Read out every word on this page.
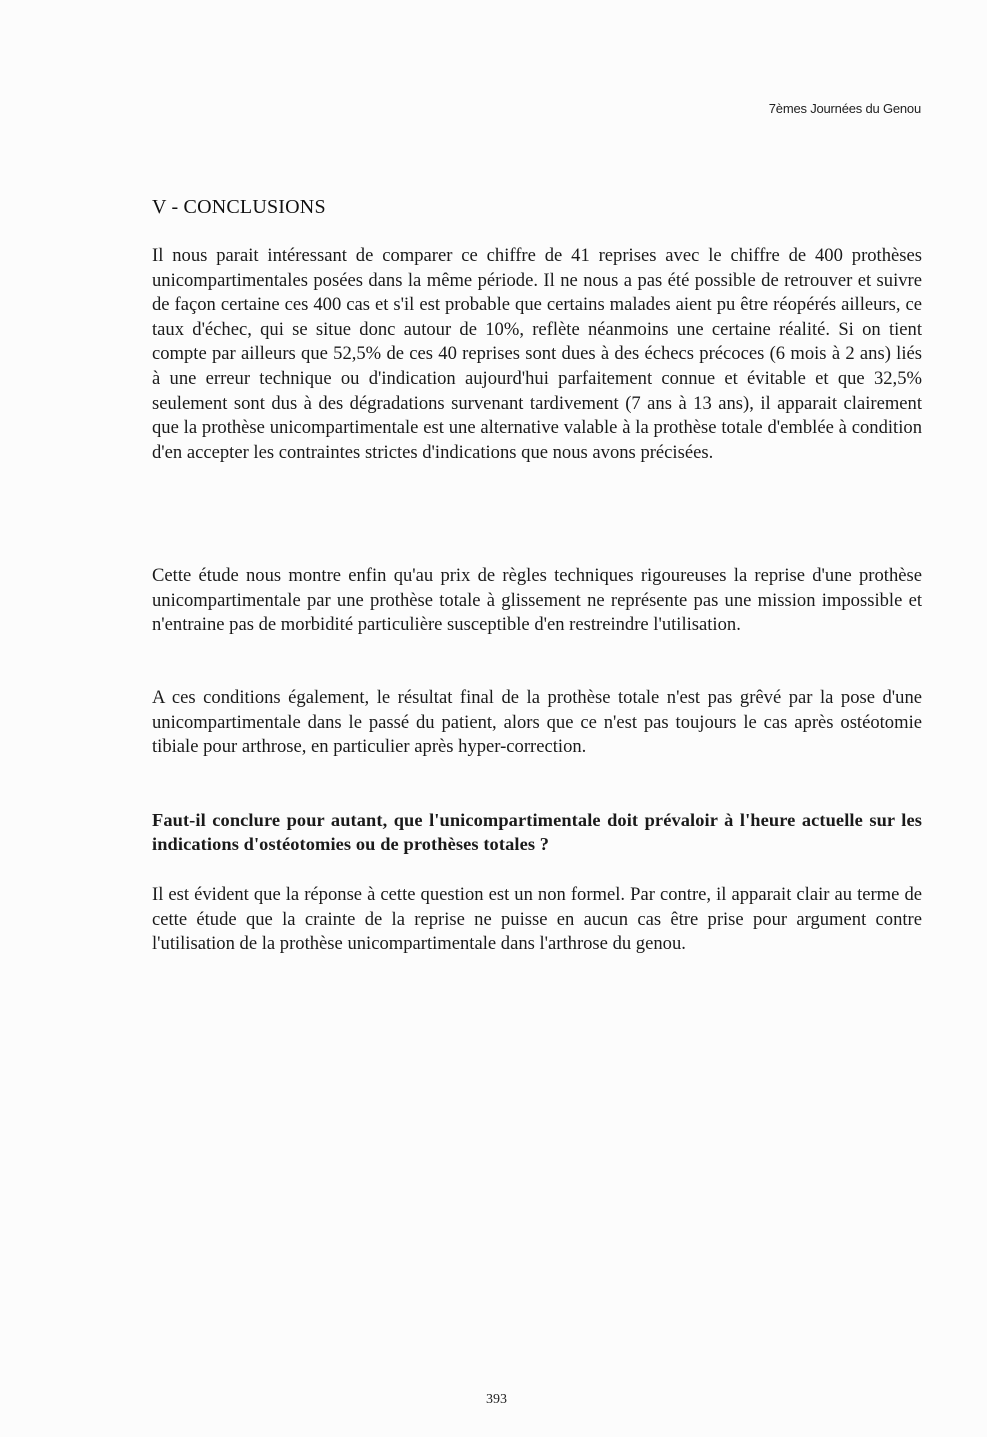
7èmes Journées du Genou
V - CONCLUSIONS

Il nous parait intéressant de comparer ce chiffre de 41 reprises avec le chiffre de 400 prothèses unicompartimentales posées dans la même période. Il ne nous a pas été possible de retrouver et suivre de façon certaine ces 400 cas et s'il est probable que certains malades aient pu être réopérés ailleurs, ce taux d'échec, qui se situe donc autour de 10%, reflète néanmoins une certaine réalité. Si on tient compte par ailleurs que 52,5% de ces 40 reprises sont dues à des échecs précoces (6 mois à 2 ans) liés à une erreur technique ou d'indication aujourd'hui parfaitement connue et évitable et que 32,5% seulement sont dus à des dégradations survenant tardivement (7 ans à 13 ans), il apparait clairement que la prothèse unicompartimentale est une alternative valable à la prothèse totale d'emblée à condition d'en accepter les contraintes strictes d'indications que nous avons précisées.

Cette étude nous montre enfin qu'au prix de règles techniques rigoureuses la reprise d'une prothèse unicompartimentale par une prothèse totale à glissement ne représente pas une mission impossible et n'entraine pas de morbidité particulière susceptible d'en restreindre l'utilisation.

A ces conditions également, le résultat final de la prothèse totale n'est pas grêvé par la pose d'une unicompartimentale dans le passé du patient, alors que ce n'est pas toujours le cas après ostéotomie tibiale pour arthrose, en particulier après hyper-correction.

Faut-il conclure pour autant, que l'unicompartimentale doit prévaloir à l'heure actuelle sur les indications d'ostéotomies ou de prothèses totales ?

Il est évident que la réponse à cette question est un non formel. Par contre, il apparait clair au terme de cette étude que la crainte de la reprise ne puisse en aucun cas être prise pour argument contre l'utilisation de la prothèse unicompartimentale dans l'arthrose du genou.

393
